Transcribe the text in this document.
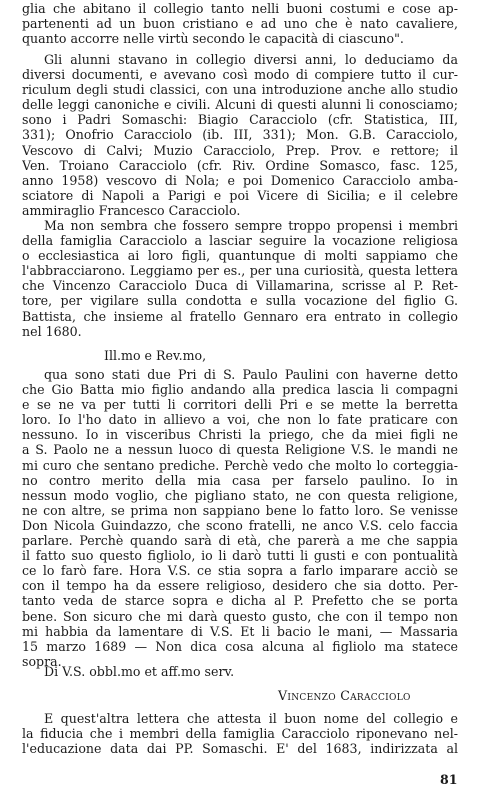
glia che abitano il collegio tanto nelli buoni costumi e cose ap-
partenenti ad un buon cristiano e ad uno che è nato cavaliere,
quanto accorre nelle virtù secondo le capacità di ciascuno".
Gli alunni stavano in collegio diversi anni, lo deduciamo da
diversi documenti, e avevano così modo di compiere tutto il cur-
riculum degli studi classici, con una introduzione anche allo studio
delle leggi canoniche e civili. Alcuni di questi alunni li conosciamo;
sono i Padri Somaschi: Biagio Caracciolo (cfr. Statistica, III,
331); Onofrio Caracciolo (ib. III, 331); Mon. G.B. Caracciolo,
Vescovo di Calvi; Muzio Caracciolo, Prep. Prov. e rettore; il
Ven. Troiano Caracciolo (cfr. Riv. Ordine Somasco, fasc. 125,
anno 1958) vescovo di Nola; e poi Domenico Caracciolo amba-
sciatore di Napoli a Parigi e poi Vicere di Sicilia; e il celebre
ammiraglio Francesco Caracciolo.
Ma non sembra che fossero sempre troppo propensi i membri
della famiglia Caracciolo a lasciar seguire la vocazione religiosa
o ecclesiastica ai loro figli, quantunque di molti sappiamo che
l'abbracciarono. Leggiamo per es., per una curiosità, questa lettera
che Vincenzo Caracciolo Duca di Villamarina, scrisse al P. Ret-
tore, per vigilare sulla condotta e sulla vocazione del figlio G.
Battista, che insieme al fratello Gennaro era entrato in collegio
nel 1680.
Ill.mo e Rev.mo,
qua sono stati due Pri di S. Paulo Paulini con haverne detto
che Gio Batta mio figlio andando alla predica lascia li compagni
e se ne va per tutti li corritori delli Pri e se mette la berretta
loro. Io l'ho dato in allievo a voi, che non lo fate praticare con
nessuno. Io in visceribus Christi la priego, che da miei figli ne
a S. Paolo ne a nessun luoco di questa Religione V.S. le mandi ne
mi curo che sentano prediche. Perchè vedo che molto lo corteggia-
no contro merito della mia casa per farselo paulino. Io in
nessun modo voglio, che pigliano stato, ne con questa religione,
ne con altre, se prima non sappiano bene lo fatto loro. Se venisse
Don Nicola Guindazzo, che scono fratelli, ne anco V.S. celo faccia
parlare. Perchè quando sarà di età, che parerà a me che sappia
il fatto suo questo figliolo, io li darò tutti li gusti e con pontualità
ce lo farò fare. Hora V.S. ce stia sopra a farlo imparare acciò se
con il tempo ha da essere religioso, desidero che sia dotto. Per-
tanto veda de starce sopra e dicha al P. Prefetto che se porta
bene. Son sicuro che mi darà questo gusto, che con il tempo non
mi habbia da lamentare di V.S. Et li bacio le mani, — Massaria
15 marzo 1689 — Non dica cosa alcuna al figliolo ma statece
sopra.
Di V.S. obbl.mo et aff.mo serv.
Vincenzo Caracciolo
E quest'altra lettera che attesta il buon nome del collegio e
la fiducia che i membri della famiglia Caracciolo riponevano nel-
l'educazione data dai PP. Somaschi. E' del 1683, indirizzata al
81
